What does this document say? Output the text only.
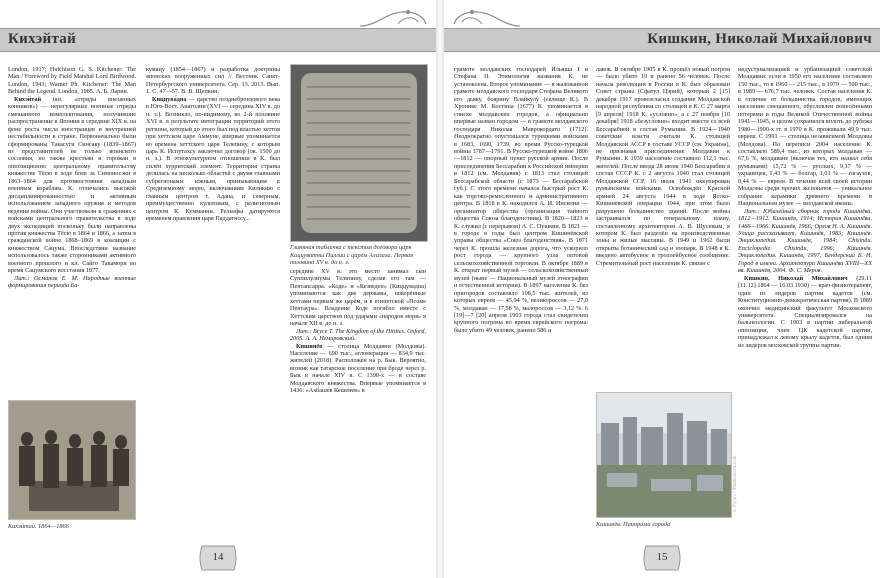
Кихэйтай

London, 1917; Hutchison G. S. Kitchener: The Man / Foreword by Field Marshal Lord Birdwood. London, 1943; Warner Ph. Kitchener: The Man Behind the Legend. London, 1985. А. Б. Ларин.

Кихэйтай (яп. «отряды внезапных конников») — нерегулярные военные отряды смешанного комплектования, получившие распространение в Японии в середине XIX в. на фоне роста числа иностранцев и внутренней нестабильности в стране. Первоначально были сформированы Такасуги Синсаку (1839–1867) из представителей не только воинского сословия, но также крестьян и горожан в оппозиционно центральному правительству княжестве Тёсю в ходе боев за Симоносэки в 1863–1864 для противостояния западным военным кораблям. К. отличались высокой дисциплинированностью и активным использованием западного оружия и методов ведения войны. Они участвовали в сражениях с войсками центрального правительства в ходе двух экспедиций поскольку были направлены против княжества Тёсю в 1864 и 1866, а затем в гражданской войне 1868–1869 в коалиции с княжеством Сацума. Впоследствии название использовалось также сторонниками активного военного прошлого и кл. Сайго Такамори во время Сацумского восстания 1877.

Лит.: Османов Е. М. Народные военные формирования периода Ба-

Кихэйтай. 1864—1866

кумацу (1854—1867) и разработка доктрины японских вооруженных сил // Вестник Санкт-Петербургского университета. Сер. 13. 2013. Вып. 1. С. 47—57. В. В. Щепкин.

Киццува́дна — царство позднебронзового века в Юго-Вост. Анатолии (XVI — середина XIV в. до н. э.). Возникло, по-видимому, во 2-й половине XVI в. в результате интеграции территорий этого региона, который до этого был под властью хеттов при хеттском царе Аммуне, впервые упоминается во времена хеттского царя Телепину, с которым царь К. Испутахсу заключил договор (ок. 1500 до н. э.). В этнокультурном отношении в К. был силён хурритский элемент. Территория страны делилась на несколько областей с двумя главными субрегионами: южным, примыкающим к Средиземному морю, включавшим Киликию с главным центром г. Адана, и северным, преимущественно культовым, с религиозным центром К. Кумманни. Рельефы датируются временем правления царя Паддатиссу...

Глиняная табличка с текстом договора царя Киццуватны Пиллии с царём Алалаха. Первая половина XV в. до н. э.

середине XV в. это место занимал сын Суппилулиумы Телипину, сделав его там — Пентапсарра. «Коде» и «Кезведен» (Киццувадна) упоминаются как две державы, покорённые хеттами первым же царём, и в египетской «Поэме Пентаура». Владение Коде погибло вместе с Хеттским царством под ударами «народов моря» в начале XII в. до н. э.

Лит.: Bryce T. The Kingdom of the Hittites. Oxford, 2005. А. А. Немировский.

Кишинёв — столица Молдавии (Молдовы). Население — 690 тыс., агломерация — 834,9 тыс. жителей (2018). Расположен на р. Бык. Вероятно, возник как татарское поселение при броде через р. Бык в начале XIV в. С 1390-х — в составе Молдавского княжества. Впервые упоминается в 1436: «Ахбашев Кешенев» в

14
Кишкин, Николай Михайлович

грамоте молдавских господарей Ильяша I и Стефана II. Этимология названия К. не установлена. Второе упоминание — в жалованной грамоте молдавского господаря Стефана Великого его дьяку, боярину Влайкулу (селище К.). В Хронике М. Костина (1677) К. упоминается в списке молдавских городов, а официально впервые назван городом — в грамоте молдавского господаря Николая Маврокордато (1712). Неоднократно опустошался турецкими войсками в 1683, 1690, 1739, во время Русско-турецкой войны 1787—1791. В Русско-турецкой войне 1806—1812 — опорный пункт русской армии. После присоединения Бессарабии к Российской империи в 1812 (см. Молдавия) с 1813 стал столицей Бессарабской области (с 1873 — Бессарабской губ.). С этого времени начался быстрый рост К. как торгово-ремесленного и административного центра. В 1818 в К. находился А. И. Инсилин — организатор общества (организация тайного общества Союза благоденствия). В 1820—1823 в К. служил (с перерывом) А. С. Пушкин. В 1821 — в городе в годы был центром Кишинёвской управы общества «Союз благоденствия». В 1871 через К. прошла железная дорога, что ускорило рост города — крупного узла оптовой сельскохозяйственной торговли. В октябре 1889 в К. открыт первый музей — сельскохозяйственный музей (ныне — Национальный музей этнографии и естественной истории). В 1897 население К. без пригородов составляло 108,5 тыс. жителей, из которых евреев — 45,94 %, великороссов — 27,0 %, молдаван — 17,58 %, малороссов — 3,12 %. 6 [19]—7 [20] апреля 1903 города стал свидетелем крупного погрома во время еврейского погрома: было убито 49 человек, ранено 586 и

лавок. В октябре 1905 в К. прошёл новый погром — было убито 19 и ранено 56 человек. После начала революции в России в К. был образован Совет страны (Сфатул Цэрий), который 2 [15] декабря 1917 провозгласил создание Молдавской народной республики со столицей в К. С 27 марта [9 апреля] 1918 К. «условно», а с 27 ноября [10 декабря] 1918 «безусловно» входит вместе со всей Бессарабией в состав Румынии. В 1924—1940 советские власти считали К. столицей Молдавской АССР в составе УССР (см. Украина), не признавая присоединение Молдавии к Румынии. К 1939 население составило 112,1 тыс. жителей. После ввода 28 июня 1940 Бессарабии в состав СССР К. с 2 августа 1940 стал столицей Молдавской ССР. 16 июля 1941 оккупирован румынскими войсками. Освобождён Красной армией 24 августа 1944 в ходе Ясско-Кишинёвской операции 1944, при этом было разрушено большинство зданий. После войны застраивался по генеральному плану, составленному архитектором А. В. Щусевым, в котором К. был разделён на производственные зоны и жилые массивы. В 1949 и 1962 были открыты ботанический сад и зоопарк. В 1948 в К. введено автобусное и троллейбусное сообщение. Стремительный рост населения К. связан с

© Pyotrs / Shutterstock.com
Кишинёв. Панорама города

индустриализацией и урбанизацией советской Молдавии: если в 1950 его население составляло 150 тыс., то в 1960 — 215 тыс., в 1979 — 500 тыс., в 1989 — 676,7 тыс. человек. Состав населения К. в отличие от большинства городов, имеющих население смешанного, обусловлен понесёнными потерями в годы Великой Отечественной войны 1941—1945, в целом сохранился вплоть до рубежа 1980—1990-х гг. в 1970 в К. проживали 49,9 тыс. евреев. С 1991 — столица независимой Молдовы (Молдова). По переписи 2004 население К. составляло 589,4 тыс., из которых молдаван — 67,6 %, молдаване (включая тех, кто назвал себя румынами) 15,72 % — русских, 9,17 % — украинцев, 1,43 % — болгар, 1,01 % — гагаузов, 0,44 % — евреев. В течение всей своей истории Молдовы среди прочих экспонатов — уникальное собрание керамики древнего времени в Национальном музее — молдавской иконы.

Лит.: Юбилейный сборник города Кишинёва. 1812—1912. Кишинёв, 1914; История Кишинёва. 1466—1966. Кишинёв, 1966; Орлов Н. А. Кишинёв. Улица рассказывает. Кишинёв, 1983; Кишинёв. Энциклопедия. Кишинёв, 1984; Chișinău. Enciclopedie. Chișinău, 1996; Кишинёв. Энциклопедия. Кишинёв, 1997; Бендерский Б. И. Город в имени. Архитектура Кишинёва XVIII—XX вв. Кишинёв, 2004. Ф. С. Меров.

Кишкин, Николай Михайлович (29.11 [11.12].1864 — 16.03.1930) — врач-физиотерапевт, один из лидеров партии кадетов (см. Конституционно-демократическая партия). В 1889 окончил медицинский факультет Московского университета. Специализировался на бальнеологии. С 1903 в партии либеральной оппозиции, член ЦК кадетской партии, принадлежал к левому крылу кадетов, был одним из лидеров московской группы партии.

15
